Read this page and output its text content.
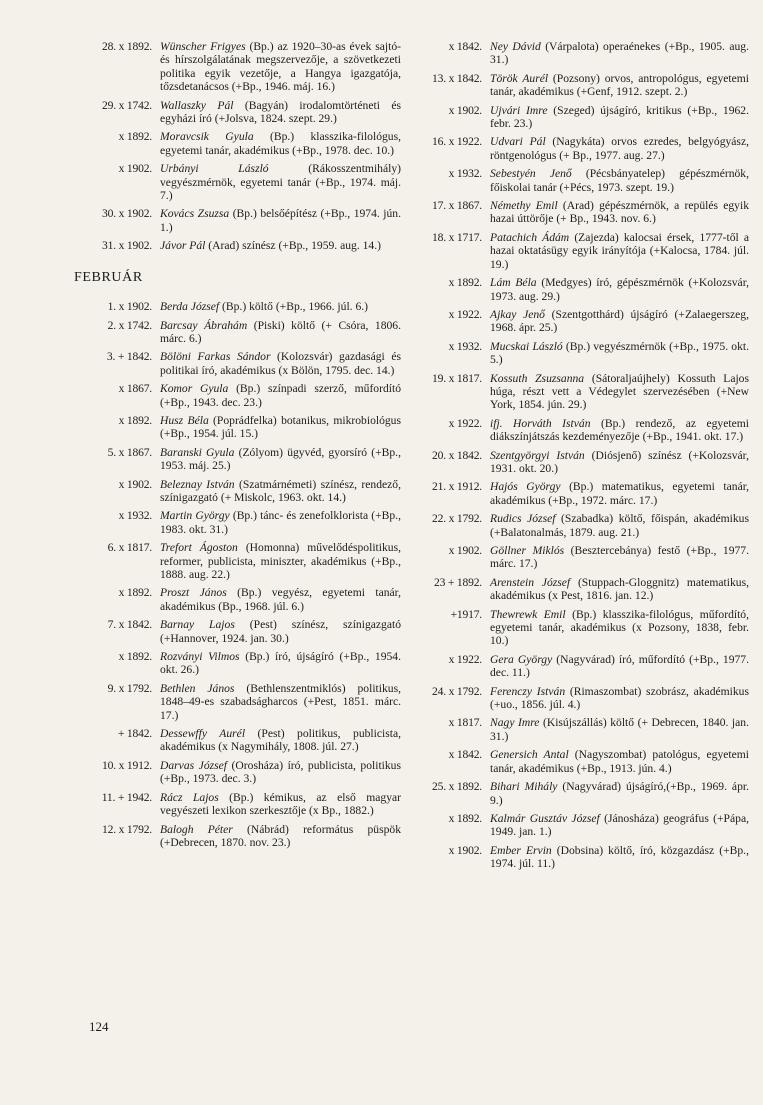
28. x 1892. Wünscher Frigyes (Bp.) az 1920–30-as évek sajtó- és hírszolgálatának megszervezője, a szövetkezeti politika egyik vezetője, a Hangya igazgatója, tőzsdetanácsos (+Bp., 1946. máj. 16.)
29. x 1742. Wallaszky Pál (Bagyán) irodalomtörténeti és egyházi író (+Jolsva, 1824. szept. 29.)
x 1892. Moravcsik Gyula (Bp.) klasszika-filológus, egyetemi tanár, akadémikus (+Bp., 1978. dec. 10.)
x 1902. Urbányi László (Rákosszentmihály) vegyészmérnök, egyetemi tanár (+Bp., 1974. máj. 7.)
30. x 1902. Kovács Zsuzsa (Bp.) belsőépítész (+Bp., 1974. jún. 1.)
31. x 1902. Jávor Pál (Arad) színész (+Bp., 1959. aug. 14.)
FEBRUÁR
1. x 1902. Berda József (Bp.) költő (+Bp., 1966. júl. 6.)
2. x 1742. Barcsay Ábrahám (Piski) költő (+ Csóra, 1806. márc. 6.)
3. + 1842. Bölöni Farkas Sándor (Kolozsvár) gazdasági és politikai író, akadémikus (x Bölön, 1795. dec. 14.)
x 1867. Komor Gyula (Bp.) színpadi szerző, műfordító (+Bp., 1943. dec. 23.)
x 1892. Husz Béla (Poprádfelka) botanikus, mikrobiológus (+Bp., 1954. júl. 15.)
5. x 1867. Baranski Gyula (Zólyom) ügyvéd, gyorsíró (+Bp., 1953. máj. 25.)
x 1902. Beleznay István (Szatmárnémeti) színész, rendező, színigazgató (+ Miskolc, 1963. okt. 14.)
x 1932. Martin György (Bp.) tánc- és zenefolklorista (+Bp., 1983. okt. 31.)
6. x 1817. Trefort Ágoston (Homonna) művelődéspolitikus, reformer, publicista, miniszter, akadémikus (+Bp., 1888. aug. 22.)
x 1892. Proszt János (Bp.) vegyész, egyetemi tanár, akadémikus (Bp., 1968. júl. 6.)
7. x 1842. Barnay Lajos (Pest) színész, színigazgató (+Hannover, 1924. jan. 30.)
x 1892. Rozványi Vilmos (Bp.) író, újságíró (+Bp., 1954. okt. 26.)
9. x 1792. Bethlen János (Bethlenszentmiklós) politikus, 1848–49-es szabadságharcos (+Pest, 1851. márc. 17.)
+ 1842. Dessewffy Aurél (Pest) politikus, publicista, akadémikus (x Nagymihály, 1808. júl. 27.)
10. x 1912. Darvas József (Orosháza) író, publicista, politikus (+Bp., 1973. dec. 3.)
11. + 1942. Rácz Lajos (Bp.) kémikus, az első magyar vegyészeti lexikon szerkesztője (x Bp., 1882.)
12. x 1792. Balogh Péter (Nábrád) református püspök (+Debrecen, 1870. nov. 23.)
x 1842. Ney Dávid (Várpalota) operaénekes (+Bp., 1905. aug. 31.)
13. x 1842. Török Aurél (Pozsony) orvos, antropológus, egyetemi tanár, akadémikus (+Genf, 1912. szept. 2.)
x 1902. Ujvári Imre (Szeged) újságíró, kritikus (+Bp., 1962. febr. 23.)
16. x 1922. Udvari Pál (Nagykáta) orvos ezredes, belgyógyász, röntgenológus (+ Bp., 1977. aug. 27.)
x 1932. Sebestyén Jenő (Pécsbányatelep) gépészmérnök, főiskolai tanár (+Pécs, 1973. szept. 19.)
17. x 1867. Némethy Emil (Arad) gépészmérnök, a repülés egyik hazai úttörője (+ Bp., 1943. nov. 6.)
18. x 1717. Patachich Ádám (Zajezda) kalocsai érsek, 1777-től a hazai oktatásügy egyik irányítója (+Kalocsa, 1784. júl. 19.)
x 1892. Lám Béla (Medgyes) író, gépészmérnök (+Kolozsvár, 1973. aug. 29.)
x 1922. Ajkay Jenő (Szentgotthárd) újságíró (+Zalaegerszeg, 1968. ápr. 25.)
x 1932. Mucskai László (Bp.) vegyészmérnök (+Bp., 1975. okt. 5.)
19. x 1817. Kossuth Zsuzsanna (Sátoraljaújhely) Kossuth Lajos húga, részt vett a Védegylet szervezésében (+New York, 1854. jún. 29.)
x 1922. ifj. Horváth István (Bp.) rendező, az egyetemi diákszínjátszás kezdeményezője (+Bp., 1941. okt. 17.)
20. x 1842. Szentgyörgyi István (Diósjenő) színész (+Kolozsvár, 1931. okt. 20.)
21. x 1912. Hajós György (Bp.) matematikus, egyetemi tanár, akadémikus (+Bp., 1972. márc. 17.)
22. x 1792. Rudics József (Szabadka) költő, főispán, akadémikus (+Balatonalmás, 1879. aug. 21.)
x 1902. Göllner Miklós (Besztercebánya) festő (+Bp., 1977. márc. 17.)
23 + 1892. Arenstein József (Stuppach-Gloggnitz) matematikus, akadémikus (x Pest, 1816. jan. 12.)
+1917. Thewrewk Emil (Bp.) klasszika-filológus, műfordító, egyetemi tanár, akadémikus (x Pozsony, 1838, febr. 10.)
x 1922. Gera György (Nagyvárad) író, műfordító (+Bp., 1977. dec. 11.)
24. x 1792. Ferenczy István (Rimaszombat) szobrász, akadémikus (+uo., 1856. júl. 4.)
x 1817. Nagy Imre (Kisújszállás) költő (+ Debrecen, 1840. jan. 31.)
x 1842. Genersich Antal (Nagyszombat) patológus, egyetemi tanár, akadémikus (+Bp., 1913. jún. 4.)
25. x 1892. Bihari Mihály (Nagyvárad) újságíró,(+Bp., 1969. ápr. 9.)
x 1892. Kalmár Gusztáv József (Jánosháza) geográfus (+Pápa, 1949. jan. 1.)
x 1902. Ember Ervin (Dobsina) költő, író, közgazdász (+Bp., 1974. júl. 11.)
124
